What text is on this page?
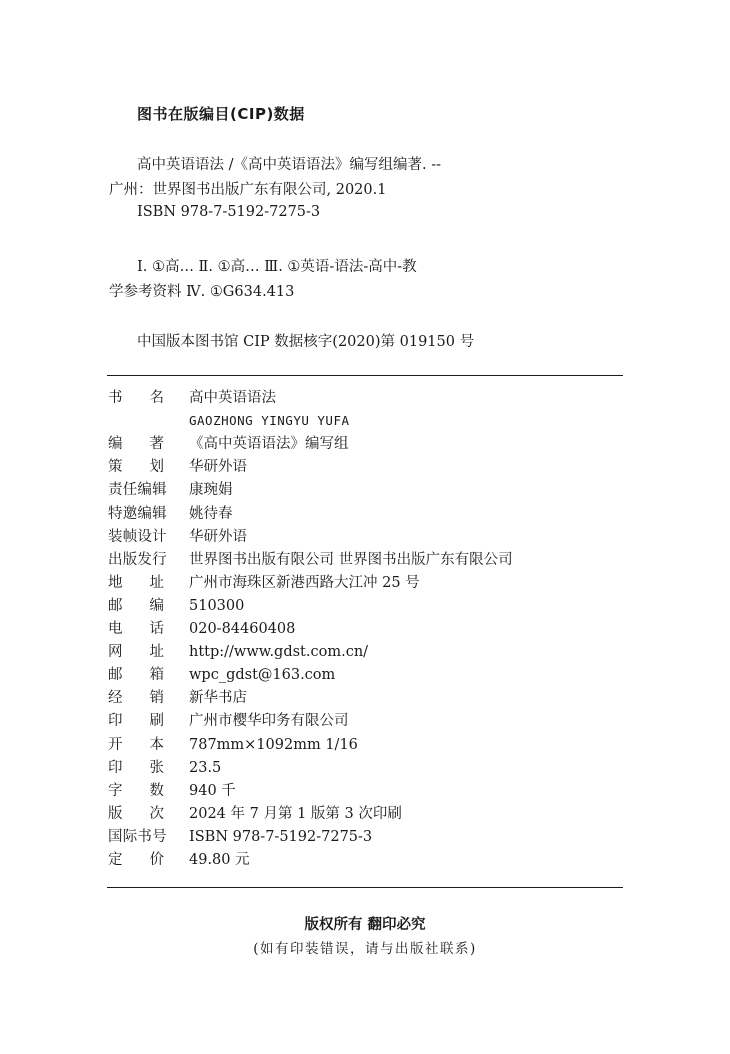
图书在版编目(CIP)数据
高中英语语法 /《高中英语语法》编写组编著. --
广州：世界图书出版广东有限公司, 2020.1
ISBN 978-7-5192-7275-3
Ⅰ. ①高… Ⅱ. ①高… Ⅲ. ①英语-语法-高中-教
学参考资料 Ⅳ. ①G634.413
中国版本图书馆 CIP 数据核字(2020)第 019150 号
书 名 高中英语语法
GAOZHONG YINGYU YUFA
编 著 《高中英语语法》编写组
策 划 华研外语
责任编辑	康琬娟
特邀编辑	姚待春
装帧设计	华研外语
出版发行	世界图书出版有限公司 世界图书出版广东有限公司
地 址 广州市海珠区新港西路大江冲 25 号
邮 编 510300
电 话 020-84460408
网 址 http://www.gdst.com.cn/
邮 箱 wpc_gdst@163.com
经 销 新华书店
印 刷 广州市樱华印务有限公司
开 本 787mm×1092mm 1/16
印 张 23.5
字 数 940 千
版 次 2024 年 7 月第 1 版第 3 次印刷
国际书号	ISBN 978-7-5192-7275-3
定 价 49.80 元
版权所有 翻印必究
(如有印装错误，请与出版社联系)
